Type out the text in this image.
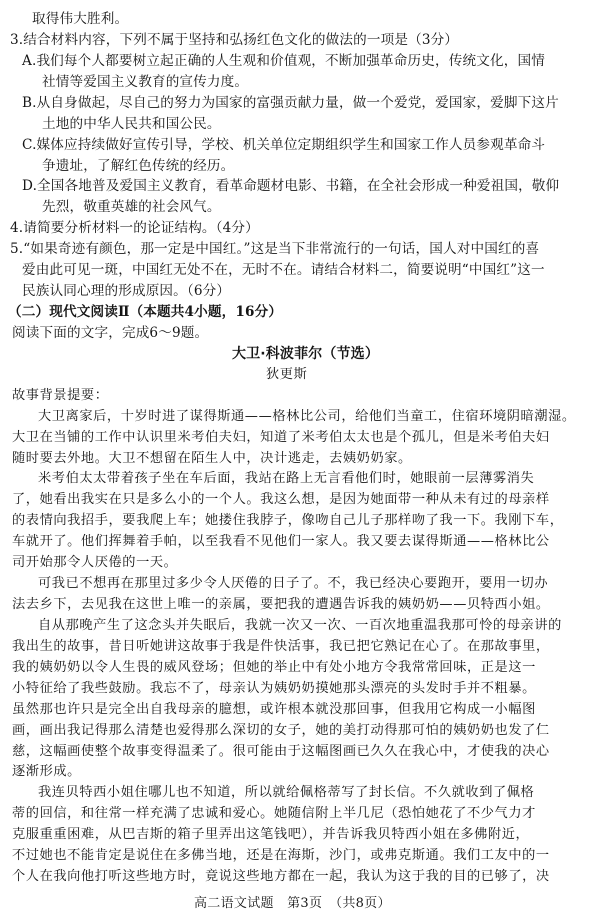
取得伟大胜利。
3.结合材料内容，下列不属于坚持和弘扬红色文化的做法的一项是（3分）
A.我们每个人都要树立起正确的人生观和价值观，不断加强革命历史，传统文化，国情
社情等爱国主义教育的宣传力度。
B.从自身做起，尽自己的努力为国家的富强贡献力量，做一个爱党，爱国家，爱脚下这片
土地的中华人民共和国公民。
C.媒体应持续做好宣传引导，学校、机关单位定期组织学生和国家工作人员参观革命斗
争遗址，了解红色传统的经历。
D.全国各地普及爱国主义教育，看革命题材电影、书籍，在全社会形成一种爱祖国，敬仰
先烈，敬重英雄的社会风气。
4.请简要分析材料一的论证结构。（4分）
5.“如果奇迹有颜色，那一定是中国红。”这是当下非常流行的一句话，国人对中国红的喜
爱由此可见一斑，中国红无处不在，无时不在。请结合材料二，简要说明“中国红”这一
民族认同心理的形成原因。（6分）
（二）现代文阅读Ⅱ（本题共4小题，16分）
阅读下面的文字，完成6～9题。
大卫·科波菲尔（节选）
狄更斯
故事背景提要：
大卫离家后，十岁时进了谋得斯通——格林比公司，给他们当童工，住宿环境阴暗潮湿。
大卫在当铺的工作中认识里米考伯夫妇，知道了米考伯太太也是个孤儿，但是米考伯夫妇
随时要去外地。大卫不想留在陌生人中，决计逃走，去姨奶奶家。
米考伯太太带着孩子坐在车后面，我站在路上无言看他们时，她眼前一层薄雾消失
了，她看出我实在只是多么小的一个人。我这么想，是因为她面带一种从未有过的母亲样
的表情向我招手，要我爬上车；她搂住我脖子，像吻自己儿子那样吻了我一下。我刚下车，
车就开了。他们挥舞着手帕，以至我看不见他们一家人。我又要去谋得斯通——格林比公
司开始那令人厌倦的一天。
可我已不想再在那里过多少令人厌倦的日子了。不，我已经决心要跑开，要用一切办
法去乡下，去见我在这世上唯一的亲属，要把我的遭遇告诉我的姨奶奶——贝特西小姐。
自从那晚产生了这念头并失眠后，我就一次又一次、一百次地重温我那可怜的母亲讲的
我出生的故事，昔日听她讲这故事于我是件快活事，我已把它熟记在心了。在那故事里，
我的姨奶奶以令人生畏的威风登场；但她的举止中有处小地方令我常常回味，正是这一
小特征给了我些鼓励。我忘不了，母亲认为姨奶奶摸她那头漂亮的头发时手并不粗暴。
虽然那也许只是完全出自我母亲的臆想，或许根本就没那回事，但我用它构成一小幅图
画，画出我记得那么清楚也爱得那么深切的女子，她的美打动得那可怕的姨奶奶也发了仁
慈，这幅画使整个故事变得温柔了。很可能由于这幅图画已久久在我心中，才使我的决心
逐渐形成。
我连贝特西小姐住哪儿也不知道，所以就给佩格蒂写了封长信。不久就收到了佩格
蒂的回信，和往常一样充满了忠诚和爱心。她随信附上半几尼（恐怕她花了不少气力才
克服重重困难，从巴吉斯的箱子里弄出这笔钱吧），并告诉我贝特西小姐在多佛附近，
不过她也不能肯定是说住在多佛当地，还是在海斯，沙门，或弗克斯通。我们工友中的一
个人在我向他打听这些地方时，竟说这些地方都在一起，我认为这于我的目的已够了，决
高二语文试题　第3页　（共8页）
